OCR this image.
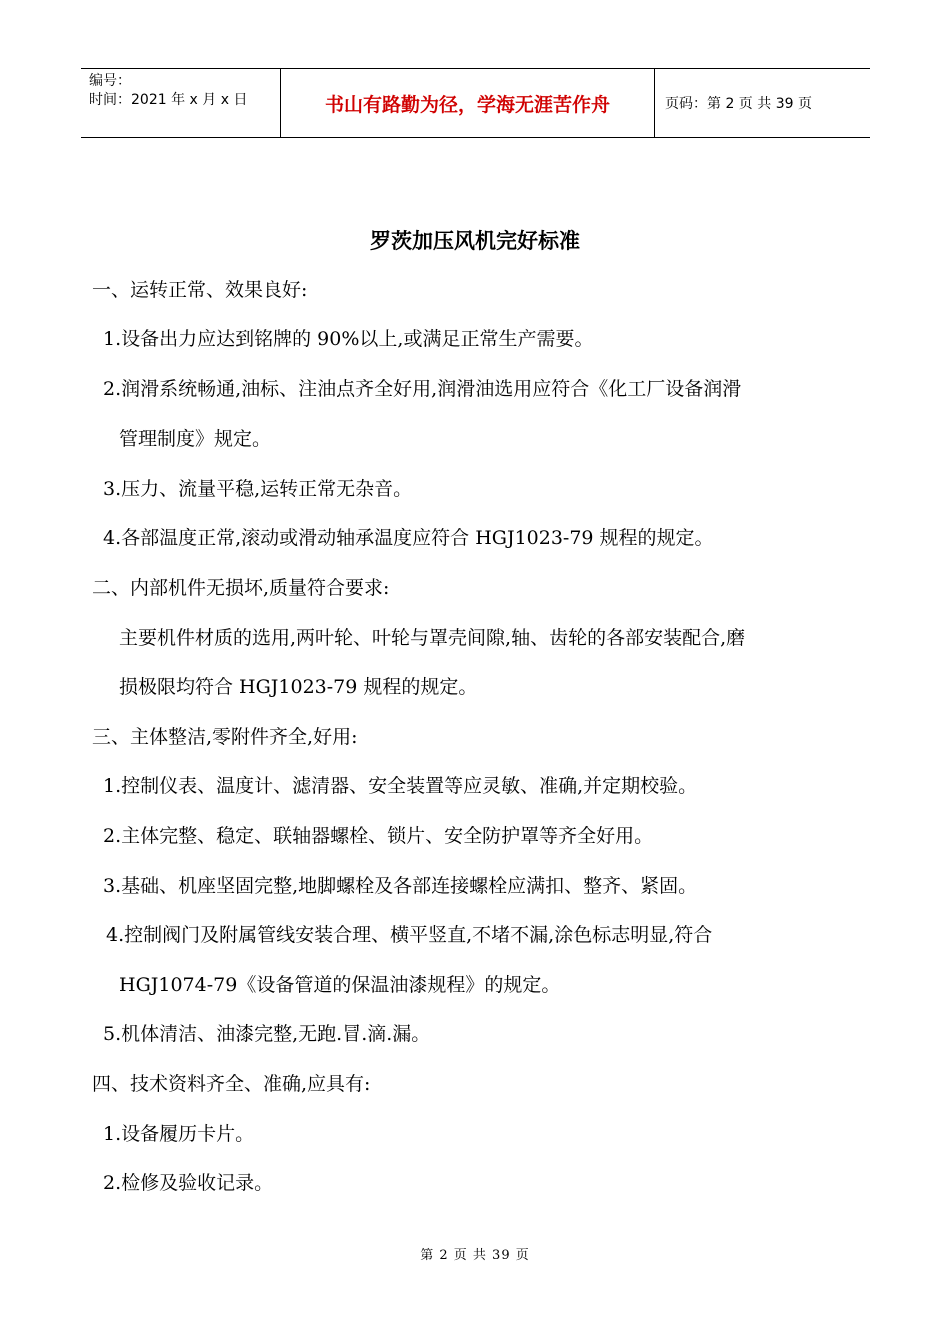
编号：
时间：2021 年 x 月 x 日	书山有路勤为径，学海无涯苦作舟	页码：第 2 页 共 39 页
罗茨加压风机完好标准
一、运转正常、效果良好:
1.设备出力应达到铭牌的 90%以上,或满足正常生产需要。
2.润滑系统畅通,油标、注油点齐全好用,润滑油选用应符合《化工厂设备润滑
管理制度》规定。
3.压力、流量平稳,运转正常无杂音。
4.各部温度正常,滚动或滑动轴承温度应符合 HGJ1023-79 规程的规定。
二、内部机件无损坏,质量符合要求:
主要机件材质的选用,两叶轮、叶轮与罩壳间隙,轴、齿轮的各部安装配合,磨
损极限均符合 HGJ1023-79 规程的规定。
三、主体整洁,零附件齐全,好用:
1.控制仪表、温度计、滤清器、安全装置等应灵敏、准确,并定期校验。
2.主体完整、稳定、联轴器螺栓、锁片、安全防护罩等齐全好用。
3.基础、机座坚固完整,地脚螺栓及各部连接螺栓应满扣、整齐、紧固。
4.控制阀门及附属管线安装合理、横平竖直,不堵不漏,涂色标志明显,符合
HGJ1074-79《设备管道的保温油漆规程》的规定。
5.机体清洁、油漆完整,无跑.冒.滴.漏。
四、技术资料齐全、准确,应具有:
1.设备履历卡片。
2.检修及验收记录。
第 2 页 共 39 页
